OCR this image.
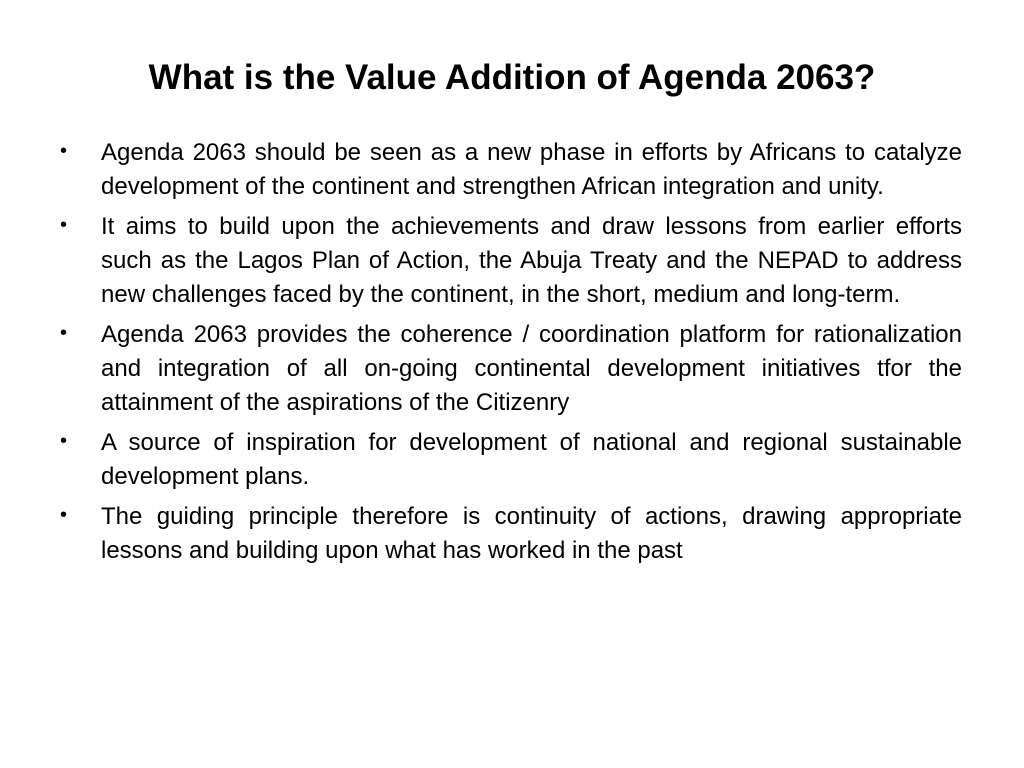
What is the Value Addition of Agenda 2063?
•	Agenda 2063 should be seen as a new phase in efforts by Africans to catalyze development of the continent and strengthen African integration and unity.
•	It aims to build upon the achievements and draw lessons from earlier efforts such as the Lagos Plan of Action, the Abuja Treaty and the NEPAD to address new challenges faced by the continent, in the short, medium and long-term.
•	Agenda 2063 provides the coherence / coordination platform for rationalization and integration of all on-going continental development initiatives tfor the attainment of the aspirations of the Citizenry
•	A source of inspiration for development of national and regional sustainable development plans.
•	The guiding principle therefore is continuity of actions, drawing appropriate lessons and building upon what has worked in the past
